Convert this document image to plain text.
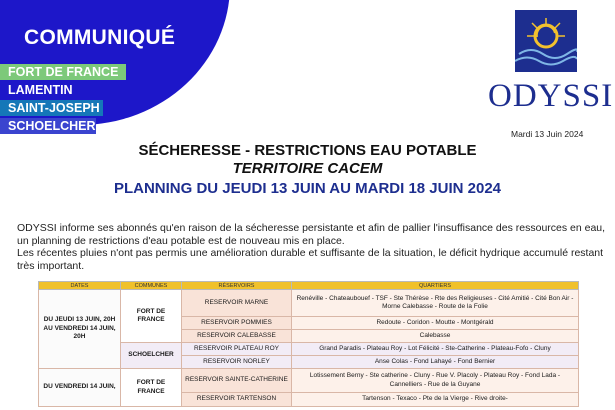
COMMUNIQUÉ
FORT DE FRANCE
LAMENTIN
SAINT-JOSEPH
SCHOELCHER
ODYSSI
Mardi 13 Juin 2024
SÉCHERESSE - RESTRICTIONS EAU POTABLE
TERRITOIRE CACEM
PLANNING DU JEUDI 13 JUIN AU MARDI 18 JUIN 2024

ODYSSI informe ses abonnés qu'en raison de la sécheresse persistante et afin de pallier l'insuffisance des ressources en eau, un planning de restrictions d'eau potable est de nouveau mis en place.

Les récentes pluies n'ont pas permis une amélioration durable et suffisante de la situation, le déficit hydrique accumulé restant très important.

DATES	COMMUNES	RÉSERVOIRS	QUARTIERS
DU JEUDI 13 JUIN, 20H AU VENDREDI 14 JUIN, 20H	FORT DE FRANCE	RESERVOIR MARNE	Renéville - Chateaubouef - TSF - Ste Thérèse - Rte des Religieuses - Cité Amitié - Cité Bon Air - Morne Calebasse - Route de la Folie
		RESERVOIR POMMIES	Redoute - Coridon - Moutte - Montgérald
		RESERVOIR CALEBASSE	Calebasse
	SCHOELCHER	RESERVOIR PLATEAU ROY	Grand Paradis - Plateau Roy - Lot Félicité - Ste-Catherine - Plateau-Fofo - Cluny
		RESERVOIR NORLEY	Anse Colas - Fond Lahayé - Fond Bernier
DU VENDREDI 14 JUIN,	FORT DE FRANCE	RESERVOIR SAINTE-CATHERINE	Lotissement Berny - Ste catherine - Cluny - Rue V. Placoly - Plateau Roy - Fond Lada - Cannelliers - Rue de la Guyane
		RESERVOIR TARTENSON	Tartenson - Texaco - Pte de la Vierge - Rive droite-
